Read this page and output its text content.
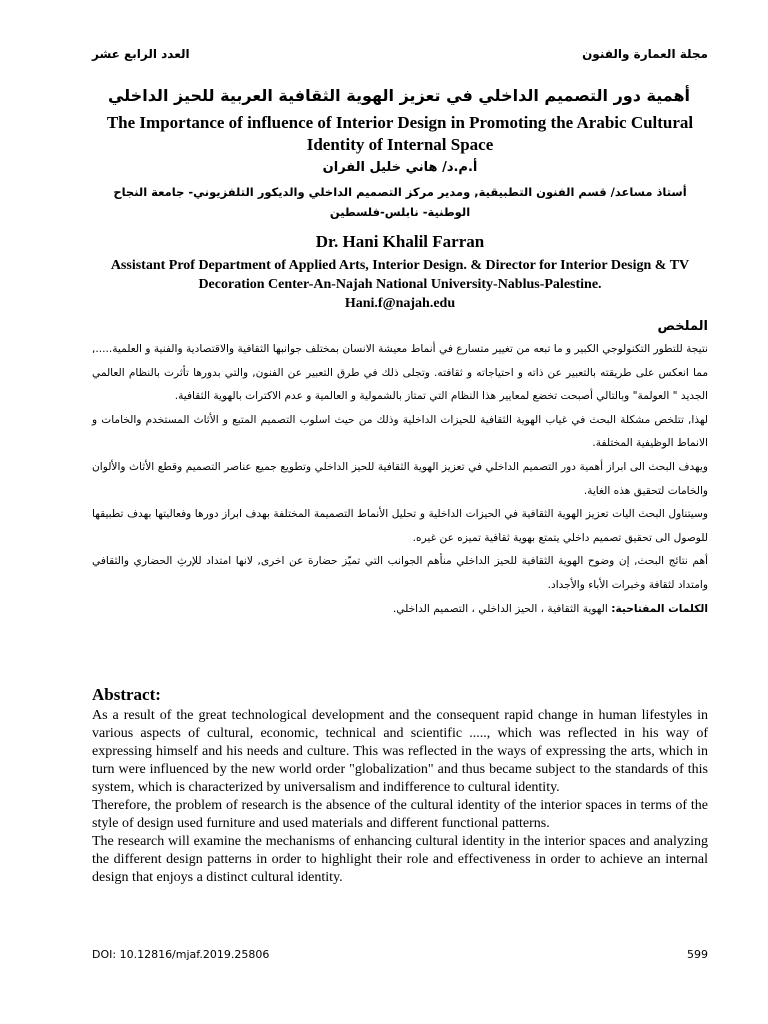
العدد الرابع عشر	مجلة العمارة والفنون
أهمية دور التصميم الداخلي في تعزيز الهوية الثقافية العربية للحيز الداخلي
The Importance of influence of Interior Design in Promoting the Arabic Cultural Identity of Internal Space
أ.م.د/ هاني خليل الفران
أستاذ مساعد/ قسم الفنون التطبيقية, ومدير مركز التصميم الداخلي والديكور التلفزيوني- جامعة النجاح الوطنية- نابلس-فلسطين
Dr. Hani Khalil Farran
Assistant Prof Department of Applied Arts, Interior Design. & Director for Interior Design & TV Decoration Center-An-Najah National University-Nablus-Palestine.
Hani.f@najah.edu
الملخص

نتيجة للتطور التكنولوجي الكبير و ما تبعه من تغيير متسارع في أنماط معيشة الانسان بمختلف جوانبها الثقافية والاقتصادية والفنية و العلمية....., مما انعكس على طريقته بالتعبير عن ذاته و احتياجاته و ثقافته. وتجلى ذلك في طرق التعبير عن الفنون, والتي بدورها تأثرت بالنظام العالمي الجديد " العولمة" وبالتالي أصبحت تخضع لمعايير هذا النظام التي تمتاز بالشمولية و العالمية و عدم الاكترات بالهوية الثقافية.

لهذا, تتلخص مشكلة البحث في غياب الهوية الثقافية للحيزات الداخلية وذلك من حيث اسلوب التصميم المتبع و الأثاث المستخدم والخامات و الانماط الوظيفية المختلفة.

ويهدف البحث الى ابراز أهمية دور التصميم الداخلي في تعزيز الهوية الثقافية للحيز الداخلي وتطويع جميع عناصر التصميم وقطع الأثاث والألوان والخامات لتحقيق هذه الغاية.

وسيتناول البحث اليات تعزيز الهوية الثقافية في الحيزات الداخلية و تحليل الأنماط التصميمة المختلفة بهدف ابراز دورها وفعاليتها بهدف تطبيقها للوصول الى تحقيق تصميم داخلي يتمتع بهوية ثقافية تميزه عن غيره.

أهم نتائج البحث, إن وضوح الهوية الثقافية للحيز الداخلي منأهم الجوانب التي تميّز حضارة عن اخرى, لانها امتداد للإرثِ الحضاري والثقافي وامتداد لثقافة وخبرات الأباء والأجداد.

الكلمات المفتاحية: الهوية الثقافية ، الحيز الداخلي ، التصميم الداخلي.

Abstract:

As a result of the great technological development and the consequent rapid change in human lifestyles in various aspects of cultural, economic, technical and scientific ....., which was reflected in his way of expressing himself and his needs and culture. This was reflected in the ways of expressing the arts, which in turn were influenced by the new world order "globalization" and thus became subject to the standards of this system, which is characterized by universalism and indifference to cultural identity.

Therefore, the problem of research is the absence of the cultural identity of the interior spaces in terms of the style of design used furniture and used materials and different functional patterns.

The research will examine the mechanisms of enhancing cultural identity in the interior spaces and analyzing the different design patterns in order to highlight their role and effectiveness in order to achieve an internal design that enjoys a distinct cultural identity.

DOI: 10.12816/mjaf.2019.25806	599
